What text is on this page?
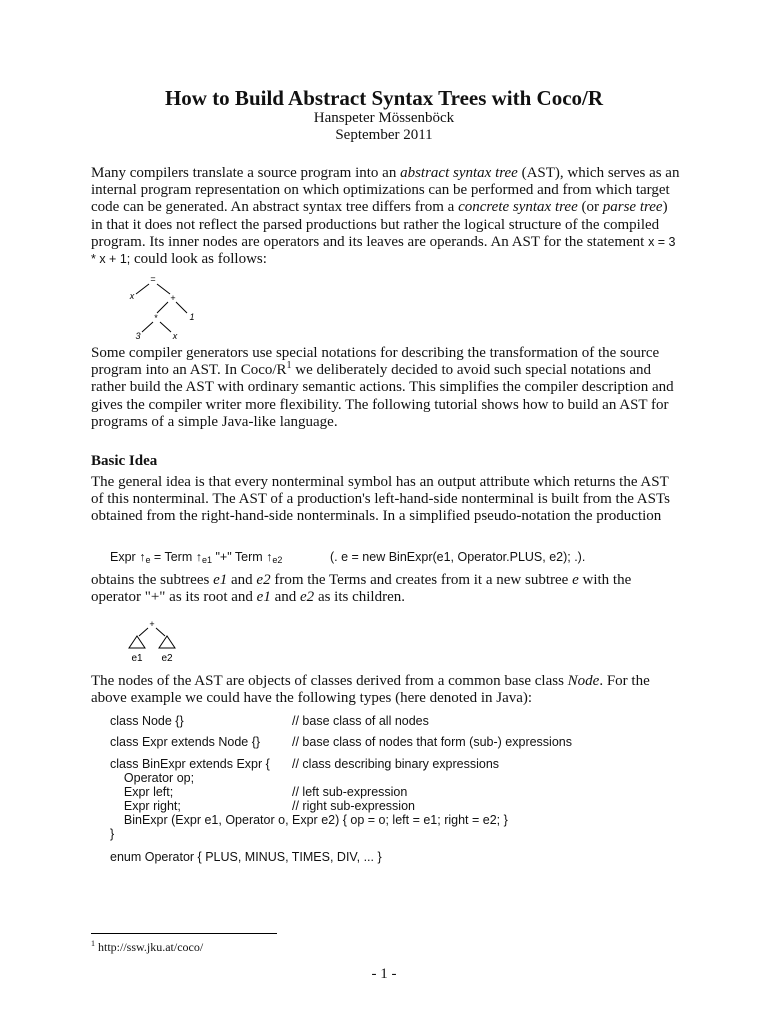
How to Build Abstract Syntax Trees with Coco/R
Hanspeter Mössenböck
September 2011

Many compilers translate a source program into an abstract syntax tree (AST), which serves as an internal program representation on which optimizations can be performed and from which target code can be generated. An abstract syntax tree differs from a concrete syntax tree (or parse tree) in that it does not reflect the parsed productions but rather the logical structure of the compiled program. Its inner nodes are operators and its leaves are operands. An AST for the statement x = 3 * x + 1; could look as follows:

=
x	+
1
*
3	x

Some compiler generators use special notations for describing the transformation of the source program into an AST. In Coco/R$^1$ we deliberately decided to avoid such special notations and rather build the AST with ordinary semantic actions. This simplifies the compiler description and gives the compiler writer more flexibility. The following tutorial shows how to build an AST for programs of a simple Java-like language.

Basic Idea
The general idea is that every nonterminal symbol has an output attribute which returns the AST of this nonterminal. The AST of a production's left-hand-side nonterminal is built from the ASTs obtained from the right-hand-side nonterminals. In a simplified pseudo-notation the production
Expr ↑e = Term ↑e1 "+" Term ↑e2	(. e = new BinExpr(e1, Operator.PLUS, e2); .).

obtains the subtrees e1 and e2 from the Terms and creates from it a new subtree e with the operator "+" as its root and e1 and e2 as its children.

+
e1 e2

The nodes of the AST are objects of classes derived from a common base class Node. For the above example we could have the following types (here denoted in Java):

class Node {}	// base class of all nodes
class Expr extends Node {}	// base class of nodes that form (sub-) expressions
class BinExpr extends Expr { // class describing binary expressions
Operator op;
Expr left;	// left sub-expression
Expr right;	// right sub-expression
BinExpr (Expr e1, Operator o, Expr e2) { op = o; left = e1; right = e2; }
}
enum Operator { PLUS, MINUS, TIMES, DIV, ... }
$^1$ http://ssw.jku.at/coco/
- 1 -
